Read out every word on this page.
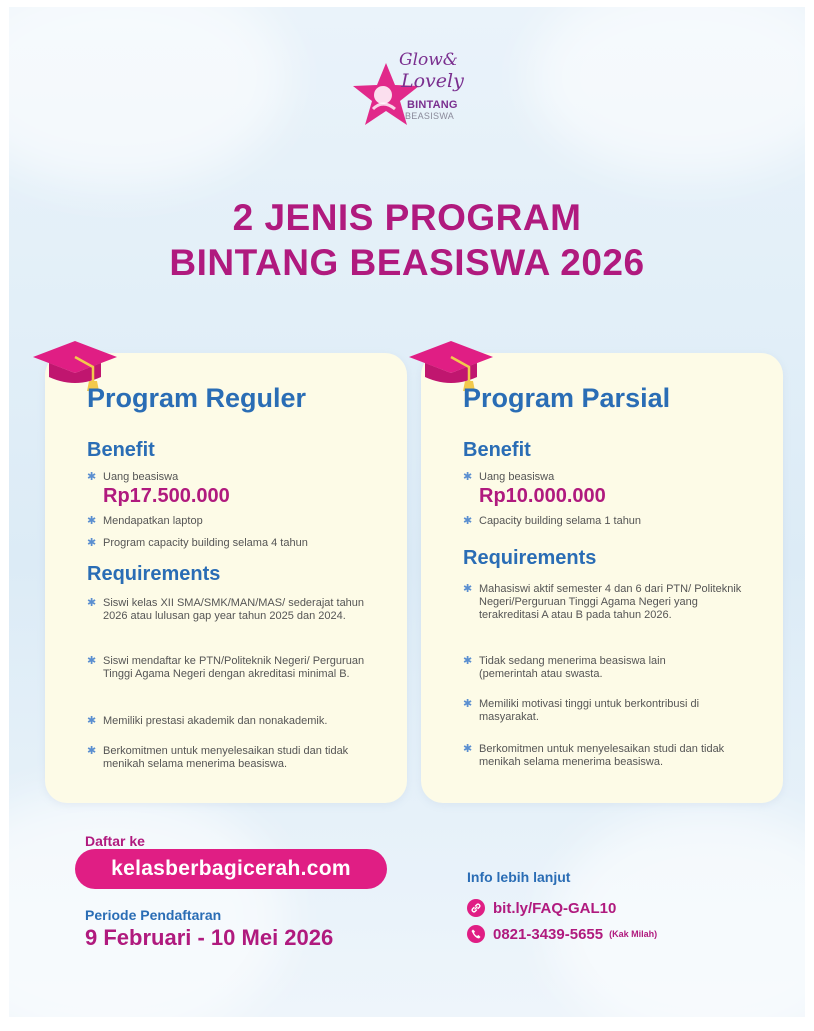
Glow&
Lovely
BINTANG
BEASISWA
2 JENIS PROGRAM
BINTANG BEASISWA 2026
Program Reguler
Benefit
✱ Uang beasiswa
Rp17.500.000
✱ Mendapatkan laptop
✱ Program capacity building selama 4 tahun
Requirements
✱ Siswi kelas XII SMA/SMK/MAN/MAS/ sederajat tahun 2026 atau lulusan gap year tahun 2025 dan 2024.
✱ Siswi mendaftar ke PTN/Politeknik Negeri/ Perguruan Tinggi Agama Negeri dengan akreditasi minimal B.
✱ Memiliki prestasi akademik dan nonakademik.
✱ Berkomitmen untuk menyelesaikan studi dan tidak menikah selama menerima beasiswa.
Program Parsial
Benefit
✱ Uang beasiswa
Rp10.000.000
✱ Capacity building selama 1 tahun
Requirements
✱ Mahasiswi aktif semester 4 dan 6 dari PTN/ Politeknik Negeri/Perguruan Tinggi Agama Negeri yang terakreditasi A atau B pada tahun 2026.
✱ Tidak sedang menerima beasiswa lain (pemerintah atau swasta.
✱ Memiliki motivasi tinggi untuk berkontribusi di masyarakat.
✱ Berkomitmen untuk menyelesaikan studi dan tidak menikah selama menerima beasiswa.
Daftar ke
kelasberbagicerah.com
Periode Pendaftaran
9 Februari - 10 Mei 2026
Info lebih lanjut
bit.ly/FAQ-GAL10
0821-3439-5655 (Kak Milah)
